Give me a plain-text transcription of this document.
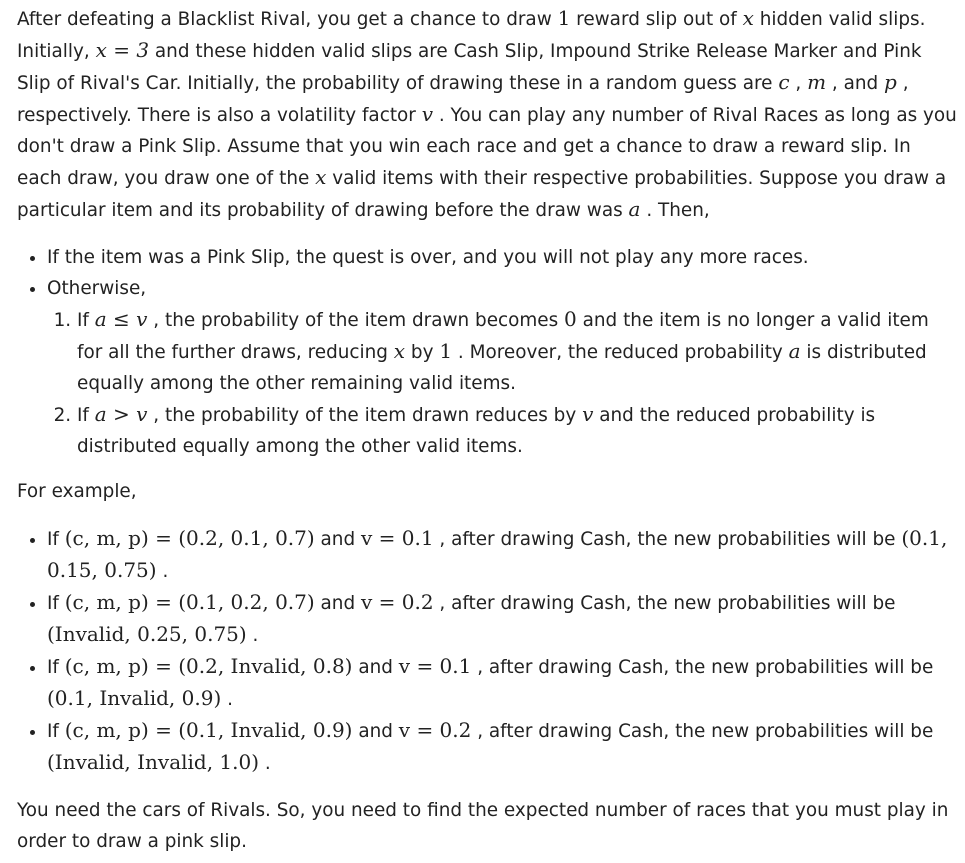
After defeating a Blacklist Rival, you get a chance to draw 1 reward slip out of x hidden valid slips. Initially, x = 3 and these hidden valid slips are Cash Slip, Impound Strike Release Marker and Pink Slip of Rival's Car. Initially, the probability of drawing these in a random guess are c , m , and p , respectively. There is also a volatility factor v . You can play any number of Rival Races as long as you don't draw a Pink Slip. Assume that you win each race and get a chance to draw a reward slip. In each draw, you draw one of the x valid items with their respective probabilities. Suppose you draw a particular item and its probability of drawing before the draw was a . Then,

• If the item was a Pink Slip, the quest is over, and you will not play any more races.
• Otherwise,
1. If a ≤ v , the probability of the item drawn becomes 0 and the item is no longer a valid item for all the further draws, reducing x by 1 . Moreover, the reduced probability a is distributed equally among the other remaining valid items.
2. If a > v , the probability of the item drawn reduces by v and the reduced probability is distributed equally among the other valid items.

For example,

• If (c, m, p) = (0.2, 0.1, 0.7) and v = 0.1 , after drawing Cash, the new probabilities will be (0.1, 0.15, 0.75) .
• If (c, m, p) = (0.1, 0.2, 0.7) and v = 0.2 , after drawing Cash, the new probabilities will be (Invalid, 0.25, 0.75) .
• If (c, m, p) = (0.2, Invalid, 0.8) and v = 0.1 , after drawing Cash, the new probabilities will be (0.1, Invalid, 0.9) .
• If (c, m, p) = (0.1, Invalid, 0.9) and v = 0.2 , after drawing Cash, the new probabilities will be (Invalid, Invalid, 1.0) .

You need the cars of Rivals. So, you need to find the expected number of races that you must play in order to draw a pink slip.
